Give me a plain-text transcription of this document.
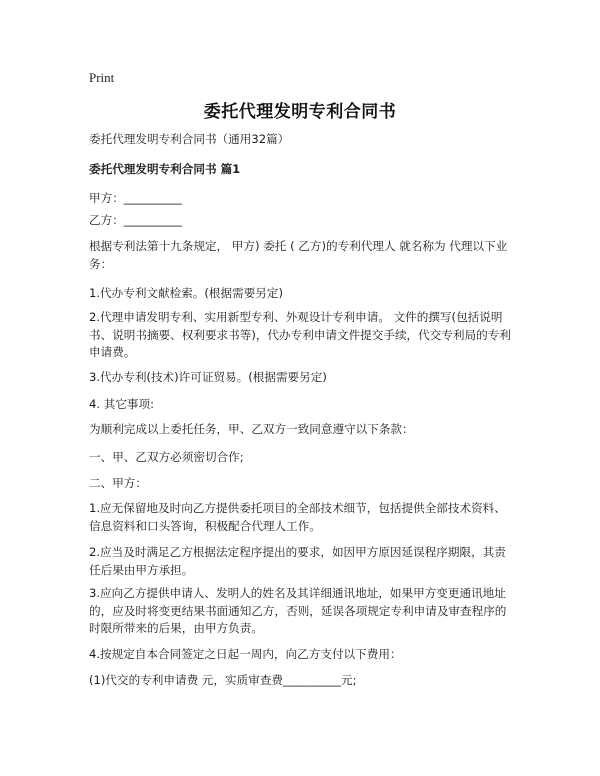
Print
委托代理发明专利合同书
委托代理发明专利合同书（通用32篇）
委托代理发明专利合同书 篇1
甲方：__________
乙方：__________
根据专利法第十九条规定， 甲方) 委托 ( 乙方)的专利代理人 就名称为 代理以下业务：
1.代办专利文献检索。(根据需要另定)
2.代理申请发明专利、实用新型专利、外观设计专利申请。 文件的撰写(包括说明书、说明书摘要、权利要求书等)，代办专利申请文件提交手续，代交专利局的专利申请费。
3.代办专利(技术)许可证贸易。(根据需要另定)
4. 其它事项:
为顺利完成以上委托任务，甲、乙双方一致同意遵守以下条款：
一、甲、乙双方必须密切合作;
二、甲方：
1.应无保留地及时向乙方提供委托项目的全部技术细节，包括提供全部技术资料、信息资料和口头答询，积极配合代理人工作。
2.应当及时满足乙方根据法定程序提出的要求，如因甲方原因延误程序期限，其责任后果由甲方承担。
3.应向乙方提供申请人、发明人的姓名及其详细通讯地址，如果甲方变更通讯地址的，应及时将变更结果书面通知乙方，否则，延误各项规定专利申请及审查程序的时限所带来的后果，由甲方负责。
4.按规定自本合同签定之日起一周内，向乙方支付以下费用：
(1)代交的专利申请费 元，实质审查费__________元;
